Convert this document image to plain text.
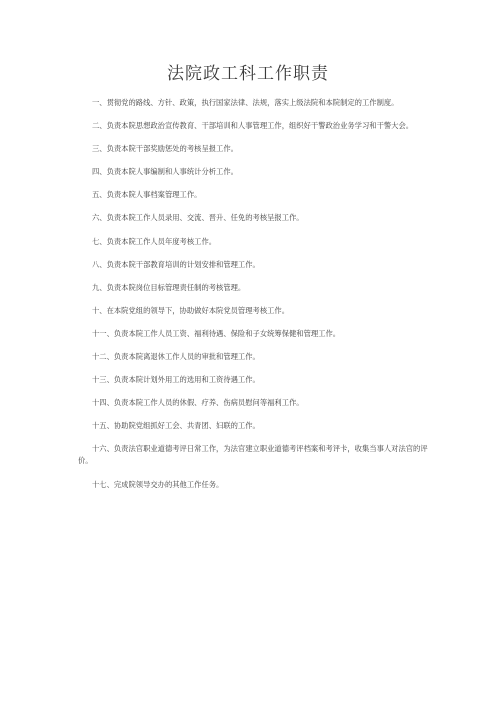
法院政工科工作职责
一、贯彻党的路线、方针、政策，执行国家法律、法规，落实上级法院和本院制定的工作制度。
二、负责本院思想政治宣传教育、干部培训和人事管理工作，组织好干警政治业务学习和干警大会。
三、负责本院干部奖励惩处的考核呈报工作。
四、负责本院人事编制和人事统计分析工作。
五、负责本院人事档案管理工作。
六、负责本院工作人员录用、交流、晋升、任免的考核呈报工作。
七、负责本院工作人员年度考核工作。
八、负责本院干部教育培训的计划安排和管理工作。
九、负责本院岗位目标管理责任制的考核管理。
十、在本院党组的领导下，协助做好本院党员管理考核工作。
十一、负责本院工作人员工资、福利待遇、保险和子女统筹保健和管理工作。
十二、负责本院离退休工作人员的审批和管理工作。
十三、负责本院计划外用工的选用和工资待遇工作。
十四、负责本院工作人员的休假、疗养、伤病员慰问等福利工作。
十五、协助院党组抓好工会、共青团、妇联的工作。
十六、负责法官职业道德考评日常工作，为法官建立职业道德考评档案和考评卡，收集当事人对法官的评价。
十七、完成院领导交办的其他工作任务。
